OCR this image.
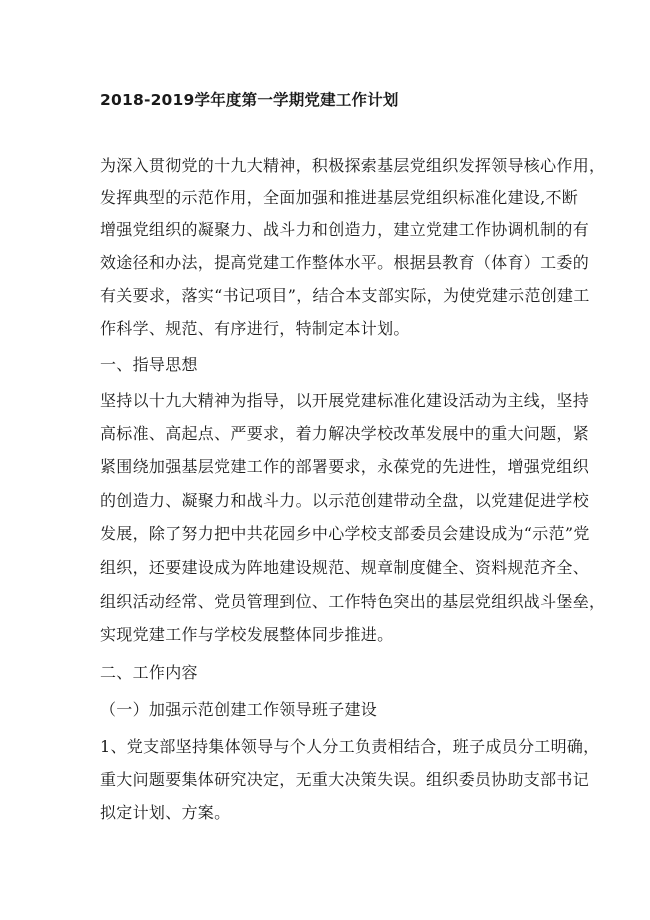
2018-2019学年度第一学期党建工作计划
为深入贯彻党的十九大精神，积极探索基层党组织发挥领导核心作用，
发挥典型的示范作用，全面加强和推进基层党组织标准化建设,不断
增强党组织的凝聚力、战斗力和创造力，建立党建工作协调机制的有
效途径和办法，提高党建工作整体水平。根据县教育（体育）工委的
有关要求，落实“书记项目”，结合本支部实际，为使党建示范创建工
作科学、规范、有序进行，特制定本计划。
一、指导思想
坚持以十九大精神为指导，以开展党建标准化建设活动为主线，坚持
高标准、高起点、严要求，着力解决学校改革发展中的重大问题，紧
紧围绕加强基层党建工作的部署要求，永葆党的先进性，增强党组织
的创造力、凝聚力和战斗力。以示范创建带动全盘，以党建促进学校
发展，除了努力把中共花园乡中心学校支部委员会建设成为“示范”党
组织，还要建设成为阵地建设规范、规章制度健全、资料规范齐全、
组织活动经常、党员管理到位、工作特色突出的基层党组织战斗堡垒，
实现党建工作与学校发展整体同步推进。
二、工作内容
（一）加强示范创建工作领导班子建设
1、党支部坚持集体领导与个人分工负责相结合，班子成员分工明确，
重大问题要集体研究决定，无重大决策失误。组织委员协助支部书记
拟定计划、方案。
